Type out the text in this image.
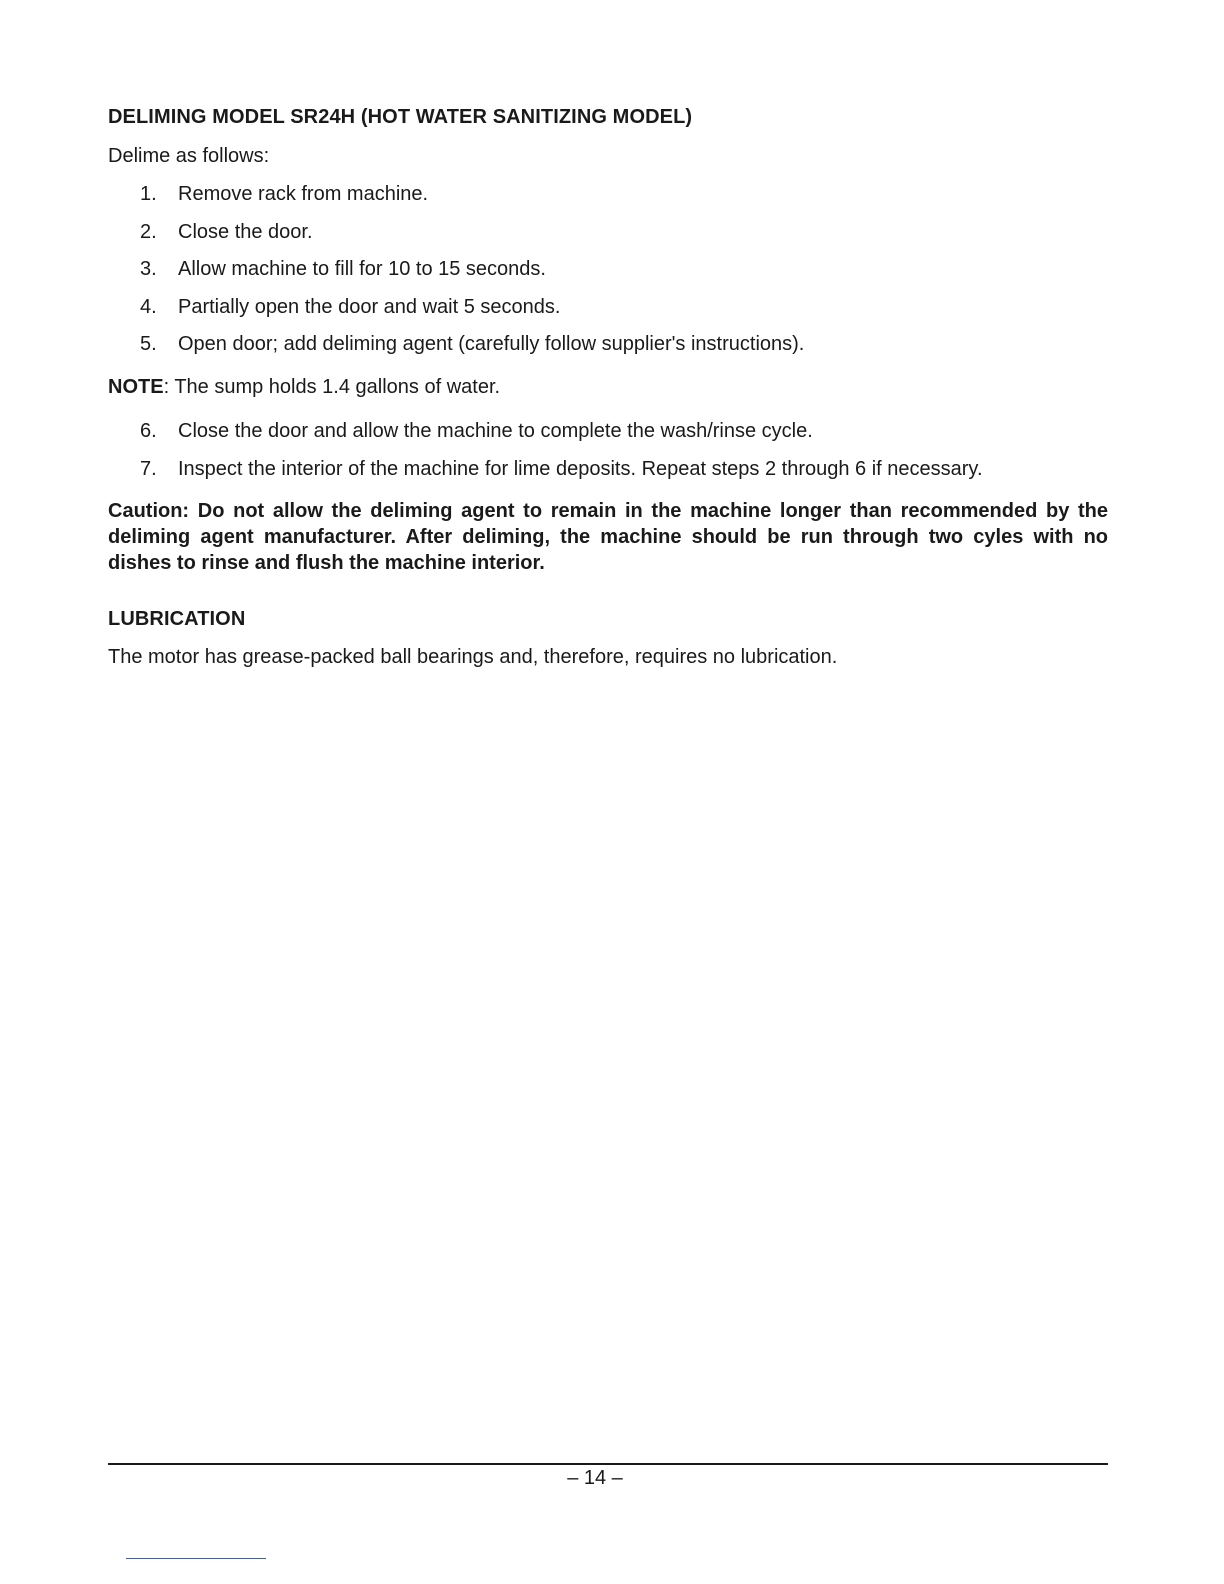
DELIMING MODEL SR24H (HOT WATER SANITIZING MODEL)
Delime as follows:
1. Remove rack from machine.
2. Close the door.
3. Allow machine to fill for 10 to 15 seconds.
4. Partially open the door and wait 5 seconds.
5. Open door; add deliming agent (carefully follow supplier's instructions).
NOTE: The sump holds 1.4 gallons of water.
6. Close the door and allow the machine to complete the wash/rinse cycle.
7. Inspect the interior of the machine for lime deposits. Repeat steps 2 through 6 if necessary.
Caution: Do not allow the deliming agent to remain in the machine longer than recommended by the deliming agent manufacturer. After deliming, the machine should be run through two cyles with no dishes to rinse and flush the machine interior.
LUBRICATION
The motor has grease-packed ball bearings and, therefore, requires no lubrication.
– 14 –
